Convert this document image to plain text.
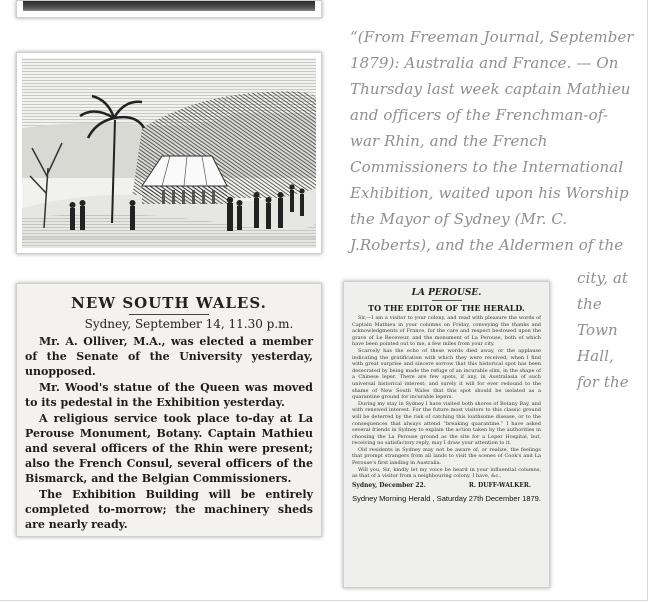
NEW SOUTH WALES.
Sydney, September 14, 11.30 p.m.

Mr. A. Olliver, M.A., was elected a member of the Senate of the University yesterday, unopposed.

Mr. Wood's statue of the Queen was moved to its pedestal in the Exhibition yesterday.

A religious service took place to-day at La Perouse Monument, Botany. Captain Mathieu and several officers of the Rhin were present; also the French Consul, several officers of the Bismarck, and the Belgian Commissioners.

The Exhibition Building will be entirely completed to-morrow; the machinery sheds are nearly ready.

LA PEROUSE.
TO THE EDITOR OF THE HERALD.

Sir,—I am a visitor to your colony, and read with pleasure the words of Captain Mathieu in your columns on Friday, conveying the thanks and acknowledgments of France, for the care and respect bestowed upon the grave of Le Receveur, and the monument of La Perouse, both of which have been pointed out to me, a few miles from your city.

Scarcely has the echo of these words died away, or the applause indicating the gratification with which they were received, when I find with great surprise and sincere sorrow that this historical spot has been desecrated by being made the refuge of an incurable slim, in the shape of a Chinese leper. There are few spots, if any, in Australasia of such universal historical interest; and surely it will for ever redound to the shame of New South Wales that this spot should be isolated as a quarantine ground for incurable lepers.

During my stay in Sydney I have visited both shores of Botany Bay, and with renewed interest. For the future most visitors to this classic ground will be deterred by the risk of catching this loathsome disease, or to the consequences that always attend “breaking quarantine.” I have asked several friends in Sydney to explain the action taken by the authorities in choosing the La Perouse ground as the site for a Leper Hospital, but, receiving no satisfactory reply, may I draw your attention to it.

Old residents in Sydney may not be aware of, or realize, the feelings that prompt strangers from all lands to visit the scenes of Cook's and La Perouse's first landing in Australia.

Will you, Sir, kindly let my voice be heard in your influential columns, as that of a visitor from a neighbouring colony. I have, &c.,

Sydney, December 22.	R. DUFF-WALKER.
Sydney Morning Herald , Saturday 27th December 1879.
“(From Freeman Journal, September
1879): Australia and France. — On
Thursday last week captain Mathieu
and officers of the Frenchman-of-
war Rhin, and the French
Commissioners to the International
Exhibition, waited upon his Worship
the Mayor of Sydney (Mr. C.
J.Roberts), and the Aldermen of the
city, at
the
Town
Hall,
for the
